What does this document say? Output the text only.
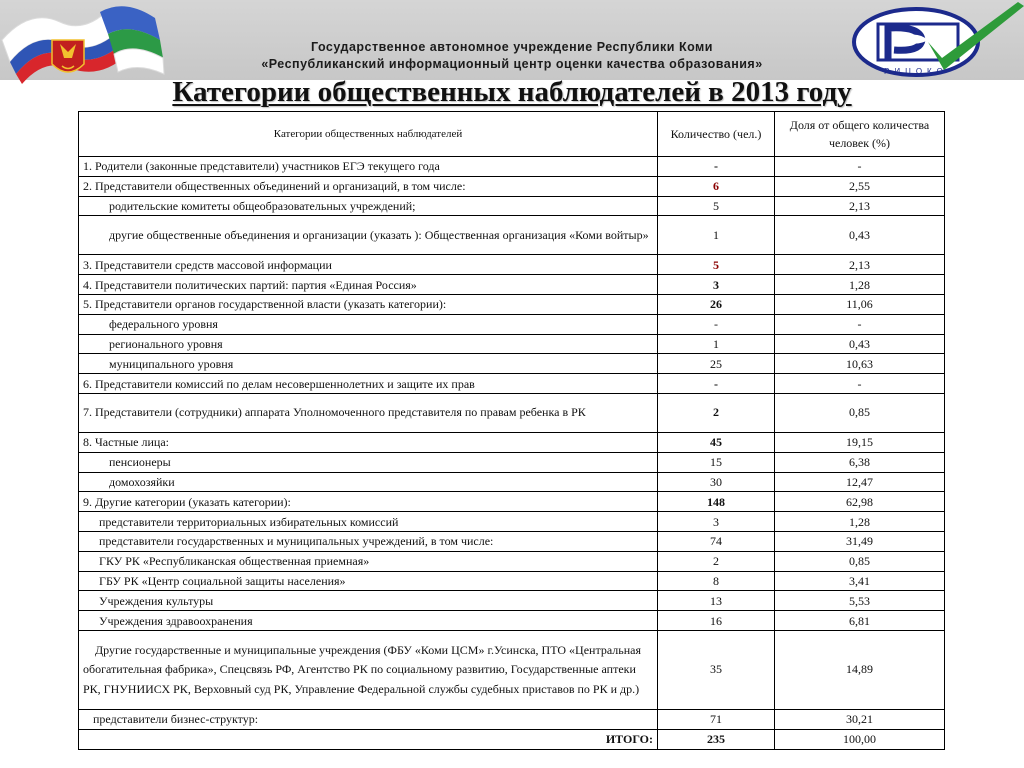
Государственное автономное учреждение Республики Коми
«Республиканский информационный центр оценки качества образования»
РИЦОКО
Категории общественных наблюдателей в 2013 году
Категории общественных наблюдателей	Количество (чел.)	Доля от общего количества человек (%)
1. Родители (законные представители) участников ЕГЭ текущего года	-	-
2. Представители общественных объединений и организаций, в том числе:	6	2,55
родительские комитеты общеобразовательных учреждений;	5	2,13
другие общественные объединения и организации (указать ): Общественная организация «Коми войтыр»	1	0,43
3. Представители средств массовой информации	5	2,13
4. Представители политических партий: партия «Единая Россия»	3	1,28
5. Представители органов государственной власти (указать категории):	26	11,06
федерального уровня	-	-
регионального уровня	1	0,43
муниципального уровня	25	10,63
6. Представители комиссий по делам несовершеннолетних и защите их прав	-	-
7. Представители (сотрудники) аппарата Уполномоченного представителя по правам ребенка в РК	2	0,85
8. Частные лица:	45	19,15
пенсионеры	15	6,38
домохозяйки	30	12,47
9. Другие категории (указать категории):	148	62,98
представители территориальных избирательных комиссий	3	1,28
представители государственных и муниципальных учреждений, в том числе:	74	31,49
ГКУ РК «Республиканская общественная приемная»	2	0,85
ГБУ РК «Центр социальной защиты населения»	8	3,41
Учреждения культуры	13	5,53
Учреждения здравоохранения	16	6,81
Другие государственные и муниципальные учреждения (ФБУ «Коми ЦСМ» г.Усинска, ПТО «Центральная обогатительная фабрика», Спецсвязь РФ, Агентство РК по социальному развитию, Государственные аптеки РК, ГНУНИИСХ РК, Верховный суд РК, Управление Федеральной службы судебных приставов по РК и др.)	35	14,89
представители бизнес-структур:	71	30,21
ИТОГО:	235	100,00
